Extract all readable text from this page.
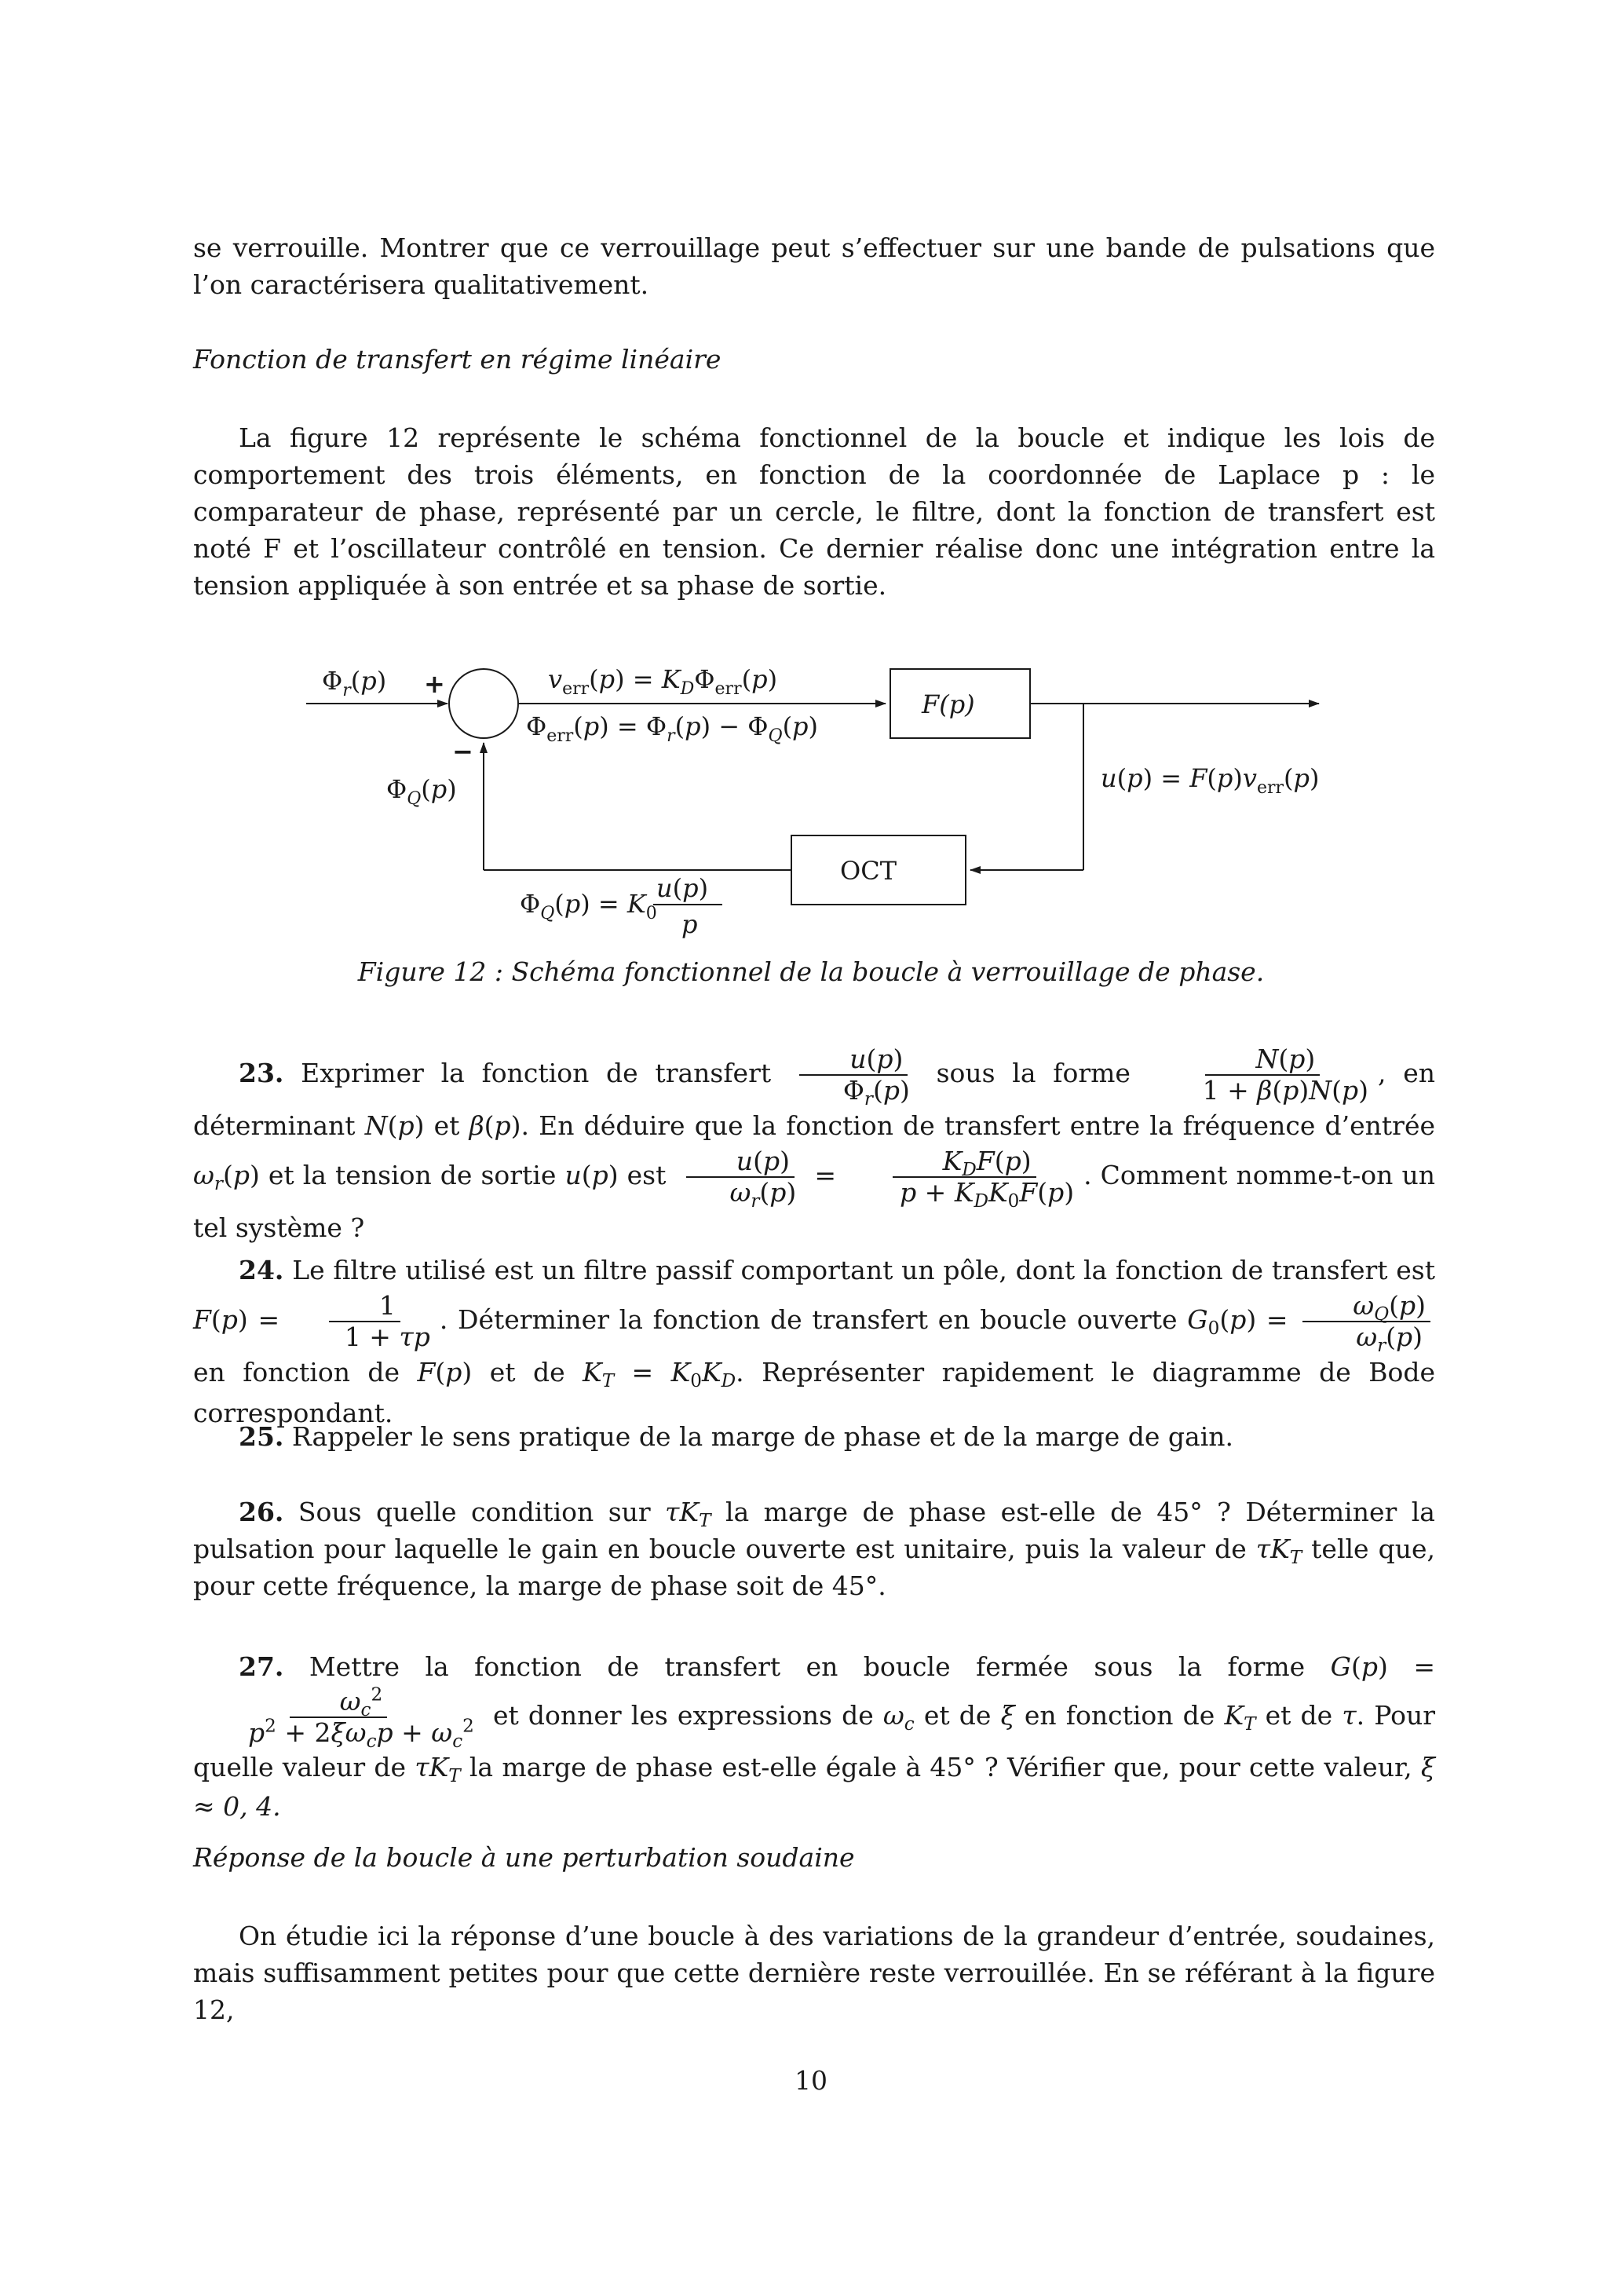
se verrouille. Montrer que ce verrouillage peut s’effectuer sur une bande de pulsations que l’on caractérisera qualitativement.

Fonction de transfert en régime linéaire

La figure 12 représente le schéma fonctionnel de la boucle et indique les lois de comportement des trois éléments, en fonction de la coordonnée de Laplace p : le comparateur de phase, représenté par un cercle, le filtre, dont la fonction de transfert est noté F et l’oscillateur contrôlé en tension. Ce dernier réalise donc une intégration entre la tension appliquée à son entrée et sa phase de sortie.

+
−
F(p)
OCT
$\Phi_r(p)$
$\Phi_Q(p)$
$v_{err}(p) = K_D\Phi_{err}(p)$
$\Phi_{err}(p) = \Phi_r(p) - \Phi_Q(p)$
$u(p) = F(p)v_{err}(p)$
$\Phi_Q(p) = K_0$
u(p)
p

Figure 12 : Schéma fonctionnel de la boucle à verrouillage de phase.

23. Exprimer la fonction de transfert $\frac{u(p)}{\Phi_r(p)}$ sous la forme $\frac{N(p)}{1 + \beta(p)N(p)}$ , en déterminant N(p) et β(p). En déduire que la fonction de transfert entre la fréquence d’entrée $\omega_r(p)$ et la tension de sortie u(p) est $\frac{u(p)}{\omega_r(p)} = \frac{K_DF(p)}{p + K_DK_0F(p)}$ . Comment nomme-t-on un tel système ?
24. Le filtre utilisé est un filtre passif comportant un pôle, dont la fonction de transfert est $F(p) = \frac{1}{1 + \tau p}$ . Déterminer la fonction de transfert en boucle ouverte $G_0(p) = \frac{\omega_Q(p)}{\omega_r(p)}$
en fonction de F(p) et de $K_T = K_0K_D$. Représenter rapidement le diagramme de Bode correspondant.
25. Rappeler le sens pratique de la marge de phase et de la marge de gain.
26. Sous quelle condition sur $\tau K_T$ la marge de phase est-elle de 45° ? Déterminer la pulsation pour laquelle le gain en boucle ouverte est unitaire, puis la valeur de $\tau K_T$ telle que, pour cette fréquence, la marge de phase soit de 45°.
27. Mettre la fonction de transfert en boucle fermée sous la forme G(p) =
$\frac{\omega_c^2}{p^2 + 2\xi\omega_cp + \omega_c^2}$ et donner les expressions de $\omega_c$ et de ξ en fonction de $K_T$ et de τ. Pour quelle valeur de $\tau K_T$ la marge de phase est-elle égale à 45° ? Vérifier que, pour cette valeur, ξ ≈ 0, 4.

Réponse de la boucle à une perturbation soudaine

On étudie ici la réponse d’une boucle à des variations de la grandeur d’entrée, soudaines, mais suffisamment petites pour que cette dernière reste verrouillée. En se référant à la figure 12,

10
